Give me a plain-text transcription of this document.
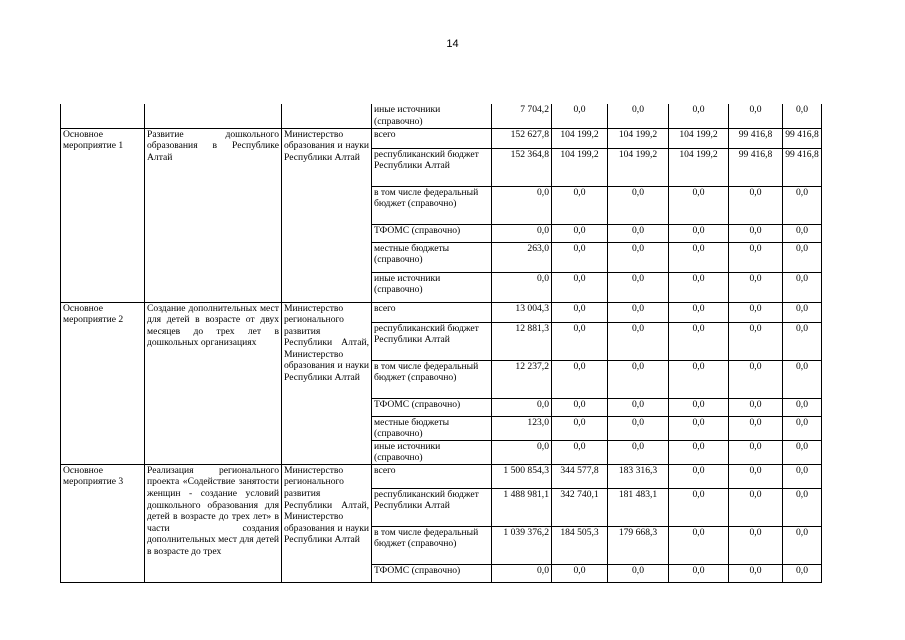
14
			иные источники (справочно)	7 704,2	0,0	0,0	0,0	0,0	0,0
Основное мероприятие 1	Развитие дошкольного образования в Республике Алтай	Министерство образования и науки Республики Алтай	всего	152 627,8	104 199,2	104 199,2	104 199,2	99 416,8	99 416,8
			республиканский бюджет Республики Алтай	152 364,8	104 199,2	104 199,2	104 199,2	99 416,8	99 416,8
			в том числе федеральный бюджет (справочно)	0,0	0,0	0,0	0,0	0,0	0,0
			ТФОМС (справочно)	0,0	0,0	0,0	0,0	0,0	0,0
			местные бюджеты (справочно)	263,0	0,0	0,0	0,0	0,0	0,0
			иные источники (справочно)	0,0	0,0	0,0	0,0	0,0	0,0
Основное мероприятие 2	Создание дополнительных мест для детей в возрасте от двух месяцев до трех лет в дошкольных организациях	Министерство регионального развития Республики Алтай, Министерство образования и науки Республики Алтай	всего	13 004,3	0,0	0,0	0,0	0,0	0,0
			республиканский бюджет Республики Алтай	12 881,3	0,0	0,0	0,0	0,0	0,0
			в том числе федеральный бюджет (справочно)	12 237,2	0,0	0,0	0,0	0,0	0,0
			ТФОМС (справочно)	0,0	0,0	0,0	0,0	0,0	0,0
			местные бюджеты (справочно)	123,0	0,0	0,0	0,0	0,0	0,0
			иные источники (справочно)	0,0	0,0	0,0	0,0	0,0	0,0
Основное мероприятие 3	Реализация регионального проекта «Содействие занятости женщин - создание условий дошкольного образования для детей в возрасте до трех лет» в части создания дополнительных мест для детей в возрасте до трех	Министерство регионального развития Республики Алтай, Министерство образования и науки Республики Алтай	всего	1 500 854,3	344 577,8	183 316,3	0,0	0,0	0,0
			республиканский бюджет Республики Алтай	1 488 981,1	342 740,1	181 483,1	0,0	0,0	0,0
			в том числе федеральный бюджет (справочно)	1 039 376,2	184 505,3	179 668,3	0,0	0,0	0,0
			ТФОМС (справочно)	0,0	0,0	0,0	0,0	0,0	0,0
